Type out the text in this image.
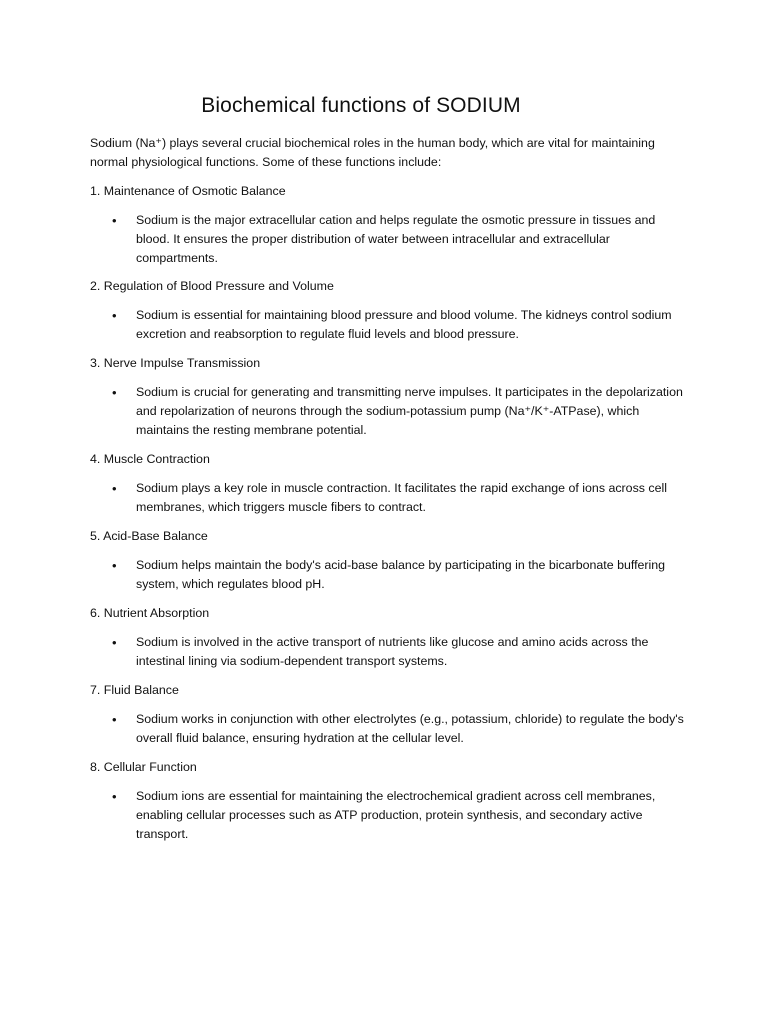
Biochemical functions of SODIUM

Sodium (Na⁺) plays several crucial biochemical roles in the human body, which are vital for maintaining normal physiological functions. Some of these functions include:

1. Maintenance of Osmotic Balance

• Sodium is the major extracellular cation and helps regulate the osmotic pressure in tissues and blood. It ensures the proper distribution of water between intracellular and extracellular compartments.

2. Regulation of Blood Pressure and Volume

• Sodium is essential for maintaining blood pressure and blood volume. The kidneys control sodium excretion and reabsorption to regulate fluid levels and blood pressure.

3. Nerve Impulse Transmission

• Sodium is crucial for generating and transmitting nerve impulses. It participates in the depolarization and repolarization of neurons through the sodium-potassium pump (Na⁺/K⁺-ATPase), which maintains the resting membrane potential.

4. Muscle Contraction

• Sodium plays a key role in muscle contraction. It facilitates the rapid exchange of ions across cell membranes, which triggers muscle fibers to contract.

5. Acid-Base Balance

• Sodium helps maintain the body's acid-base balance by participating in the bicarbonate buffering system, which regulates blood pH.

6. Nutrient Absorption

• Sodium is involved in the active transport of nutrients like glucose and amino acids across the intestinal lining via sodium-dependent transport systems.

7. Fluid Balance

• Sodium works in conjunction with other electrolytes (e.g., potassium, chloride) to regulate the body's overall fluid balance, ensuring hydration at the cellular level.

8. Cellular Function

• Sodium ions are essential for maintaining the electrochemical gradient across cell membranes, enabling cellular processes such as ATP production, protein synthesis, and secondary active transport.
